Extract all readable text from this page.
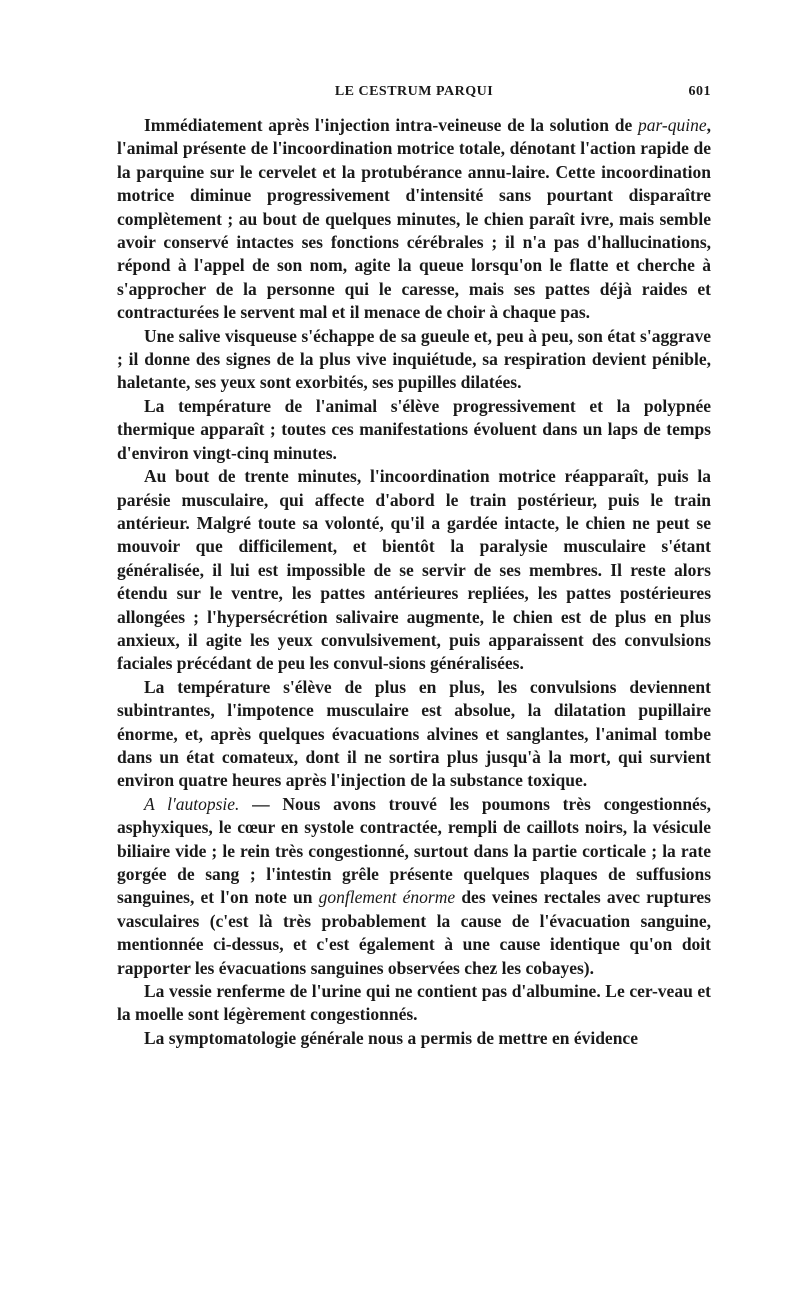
LE CESTRUM PARQUI	601

Immédiatement après l'injection intra-veineuse de la solution de par-quine, l'animal présente de l'incoordination motrice totale, dénotant l'action rapide de la parquine sur le cervelet et la protubérance annu-laire. Cette incoordination motrice diminue progressivement d'intensité sans pourtant disparaître complètement ; au bout de quelques minutes, le chien paraît ivre, mais semble avoir conservé intactes ses fonctions cérébrales ; il n'a pas d'hallucinations, répond à l'appel de son nom, agite la queue lorsqu'on le flatte et cherche à s'approcher de la personne qui le caresse, mais ses pattes déjà raides et contracturées le servent mal et il menace de choir à chaque pas.

Une salive visqueuse s'échappe de sa gueule et, peu à peu, son état s'aggrave ; il donne des signes de la plus vive inquiétude, sa respiration devient pénible, haletante, ses yeux sont exorbités, ses pupilles dilatées.

La température de l'animal s'élève progressivement et la polypnée thermique apparaît ; toutes ces manifestations évoluent dans un laps de temps d'environ vingt-cinq minutes.

Au bout de trente minutes, l'incoordination motrice réapparaît, puis la parésie musculaire, qui affecte d'abord le train postérieur, puis le train antérieur. Malgré toute sa volonté, qu'il a gardée intacte, le chien ne peut se mouvoir que difficilement, et bientôt la paralysie musculaire s'étant généralisée, il lui est impossible de se servir de ses membres. Il reste alors étendu sur le ventre, les pattes antérieures repliées, les pattes postérieures allongées ; l'hypersécrétion salivaire augmente, le chien est de plus en plus anxieux, il agite les yeux convulsivement, puis apparaissent des convulsions faciales précédant de peu les convul-sions généralisées.

La température s'élève de plus en plus, les convulsions deviennent subintrantes, l'impotence musculaire est absolue, la dilatation pupillaire énorme, et, après quelques évacuations alvines et sanglantes, l'animal tombe dans un état comateux, dont il ne sortira plus jusqu'à la mort, qui survient environ quatre heures après l'injection de la substance toxique.

A l'autopsie. — Nous avons trouvé les poumons très congestionnés, asphyxiques, le cœur en systole contractée, rempli de caillots noirs, la vésicule biliaire vide ; le rein très congestionné, surtout dans la partie corticale ; la rate gorgée de sang ; l'intestin grêle présente quelques plaques de suffusions sanguines, et l'on note un gonflement énorme des veines rectales avec ruptures vasculaires (c'est là très probablement la cause de l'évacuation sanguine, mentionnée ci-dessus, et c'est également à une cause identique qu'on doit rapporter les évacuations sanguines observées chez les cobayes).

La vessie renferme de l'urine qui ne contient pas d'albumine. Le cer-veau et la moelle sont légèrement congestionnés.

La symptomatologie générale nous a permis de mettre en évidence
